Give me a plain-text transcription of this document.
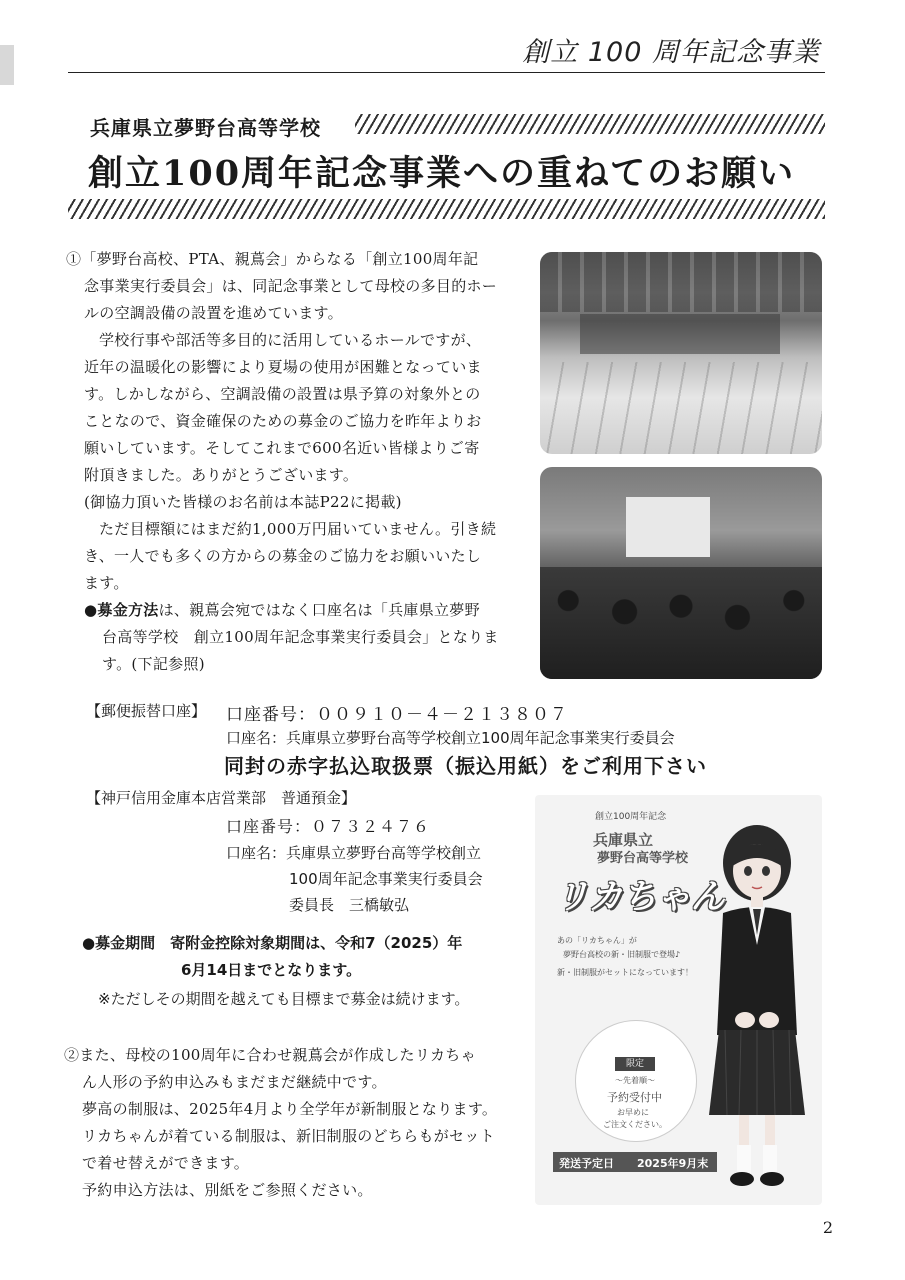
創立 100 周年記念事業
兵庫県立夢野台高等学校
創立100周年記念事業への重ねてのお願い
①「夢野台高校、PTA、親蔦会」からなる「創立100周年記
念事業実行委員会」は、同記念事業として母校の多目的ホー
ルの空調設備の設置を進めています。
学校行事や部活等多目的に活用しているホールですが、
近年の温暖化の影響により夏場の使用が困難となっていま
す。しかしながら、空調設備の設置は県予算の対象外との
ことなので、資金確保のための募金のご協力を昨年よりお
願いしています。そしてこれまで600名近い皆様よりご寄
附頂きました。ありがとうございます。
(御協力頂いた皆様のお名前は本誌P22に掲載)
ただ目標額にはまだ約1,000万円届いていません。引き続
き、一人でも多くの方からの募金のご協力をお願いいたし
ます。
●募金方法は、親蔦会宛ではなく口座名は「兵庫県立夢野
台高等学校　創立100周年記念事業実行委員会」となりま
す。(下記参照)
【郵便振替口座】 口座番号：００９１０－４－２１３８０７
口座名：兵庫県立夢野台高等学校創立100周年記念事業実行委員会
同封の赤字払込取扱票（振込用紙）をご利用下さい
【神戸信用金庫本店営業部　普通預金】
口座番号：０７３２４７６
口座名：兵庫県立夢野台高等学校創立
100周年記念事業実行委員会
委員長　三橋敏弘
●募金期間　寄附金控除対象期間は、令和7（2025）年
6月14日までとなります。
※ただしその期間を越えても目標まで募金は続けます。
②また、母校の100周年に合わせ親蔦会が作成したリカちゃ
ん人形の予約申込みもまだまだ継続中です。
夢高の制服は、2025年4月より全学年が新制服となります。
リカちゃんが着ている制服は、新旧制服のどちらもがセット
で着せ替えができます。
予約申込方法は、別紙をご参照ください。
創立100周年記念
兵庫県立
夢野台高等学校
リカちゃん
あの「リカちゃん」が
夢野台高校の新・旧制服で登場♪
新・旧制服がセットになっています！
限定
～先着順～
予約受付中
お早めに
ご注文ください。
発送予定日 2025年9月末
2
